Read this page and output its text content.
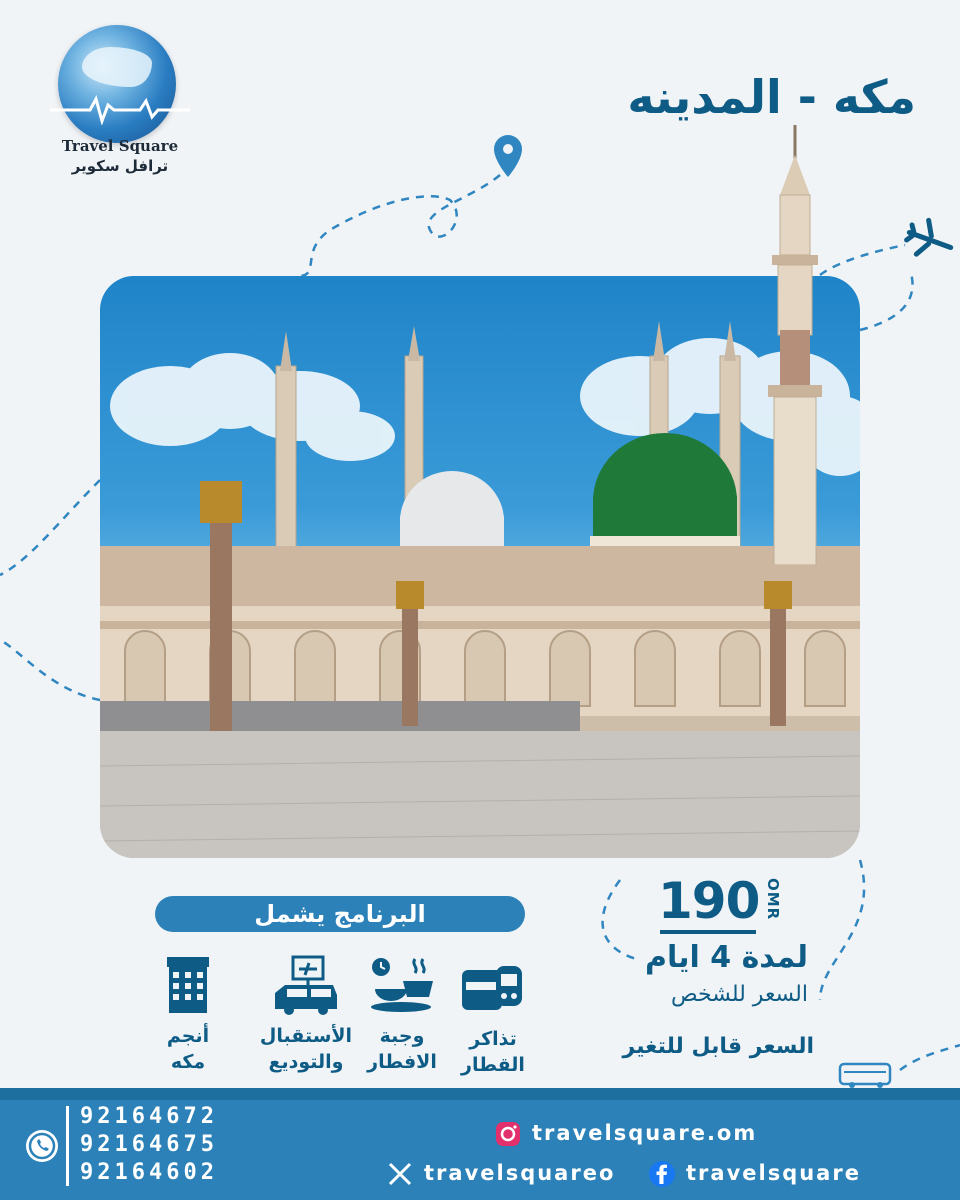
Travel Square
ترافل سكوير
مكه - المدينه
البرنامج يشمل
تذاكر
القطار
وجبة
الافطار
الأستقبال
والتوديع
أنجم
مكه
190 OMR
لمدة 4 ايام
السعر للشخص
السعر قابل للتغير
92164672
92164675
92164602
travelsquare.om
travelsquareo	travelsquare
